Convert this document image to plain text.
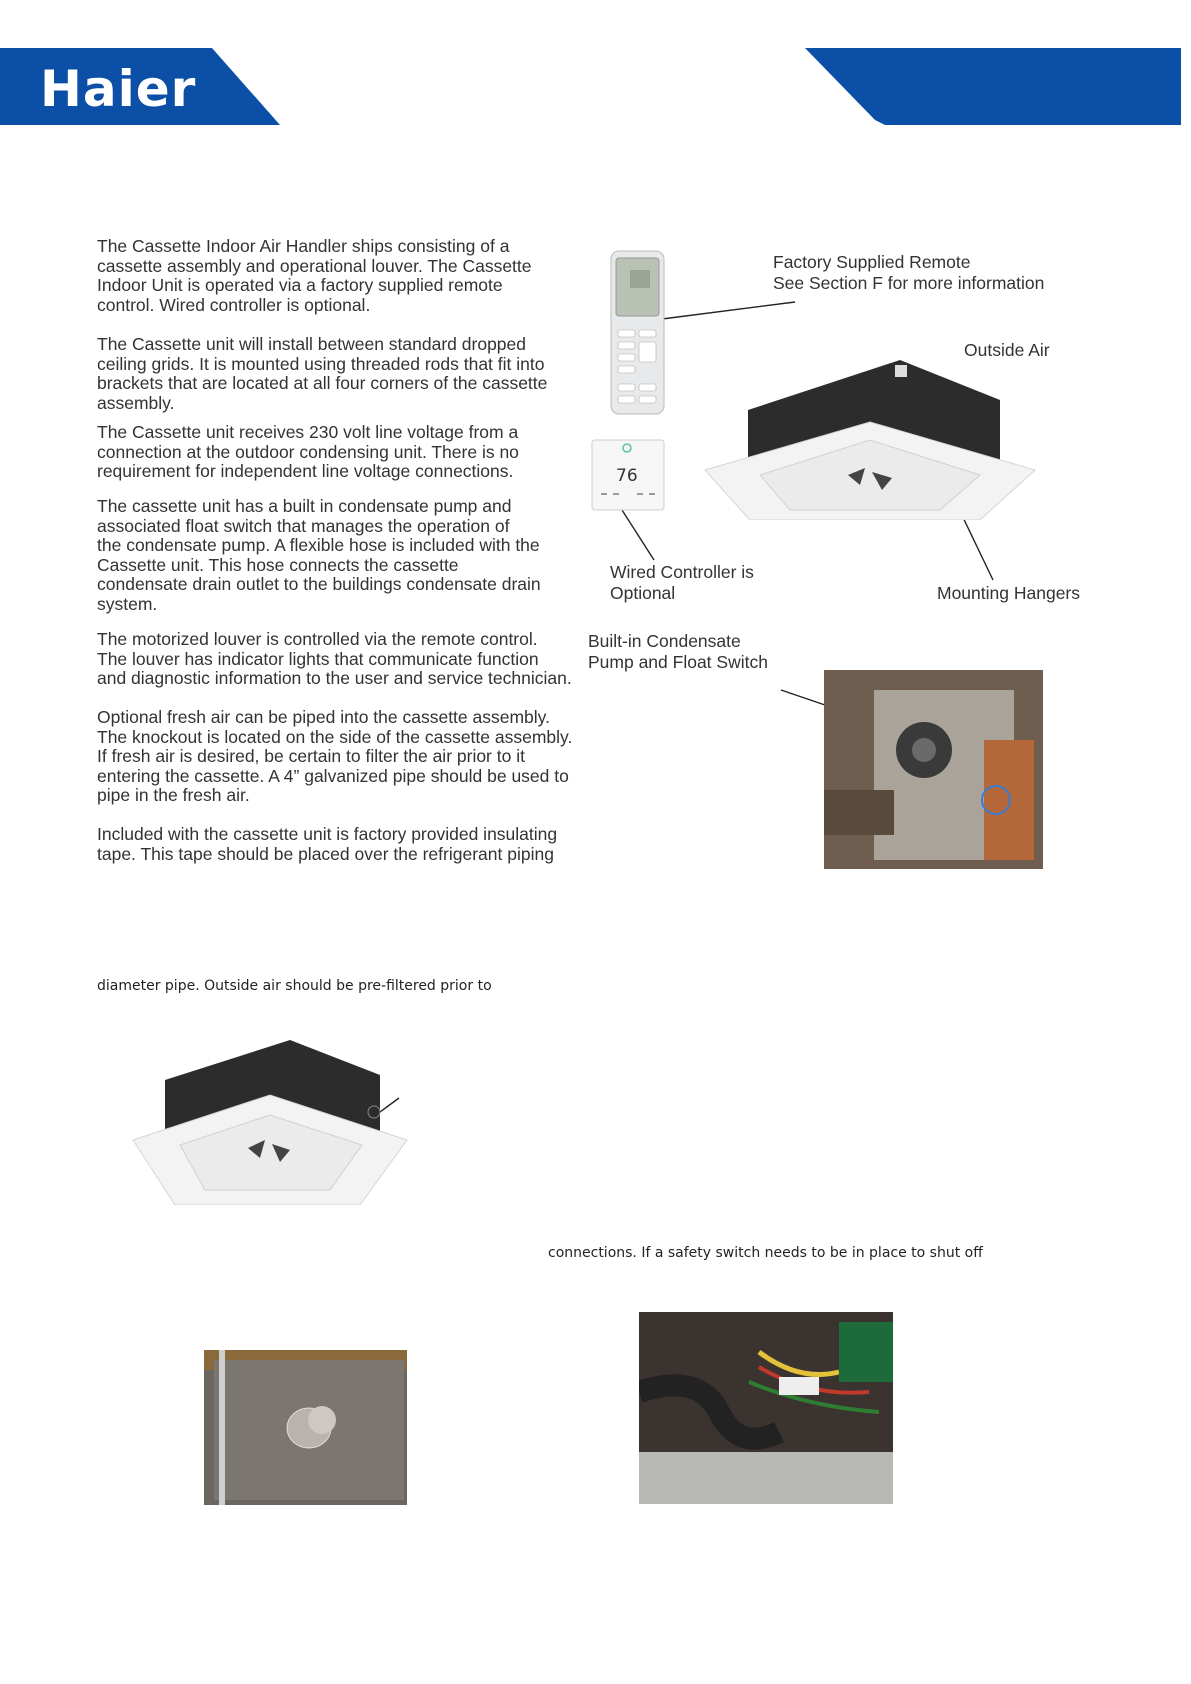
Haier
The Cassette Indoor Air Handler ships consisting of a
cassette assembly and operational louver. The Cassette
Indoor Unit is operated via a factory supplied remote
control. Wired controller is optional.
The Cassette unit will install between standard dropped
ceiling grids. It is mounted using threaded rods that fit into
brackets that are located at all four corners of the cassette
assembly.
The Cassette unit receives 230 volt line voltage from a
connection at the outdoor condensing unit. There is no
requirement for independent line voltage connections.
The cassette unit has a built in condensate pump and
associated float switch that manages the operation of
the condensate pump. A flexible hose is included with the
Cassette unit. This hose connects the cassette
condensate drain outlet to the buildings condensate drain
system.
The motorized louver is controlled via the remote control.
The louver has indicator lights that communicate function
and diagnostic information to the user and service technician.
Optional fresh air can be piped into the cassette assembly.
The knockout is located on the side of the cassette assembly.
If fresh air is desired, be certain to filter the air prior to it
entering the cassette. A 4” galvanized pipe should be used to
pipe in the fresh air.
Included with the cassette unit is factory provided insulating
tape. This tape should be placed over the refrigerant piping
diameter pipe. Outside air should be pre-filtered prior to
connections. If a safety switch needs to be in place to shut off
Factory Supplied Remote
See Section F for more information
Outside Air
Wired Controller is
Optional	Mounting Hangers
Built-in Condensate
Pump and Float Switch
76
